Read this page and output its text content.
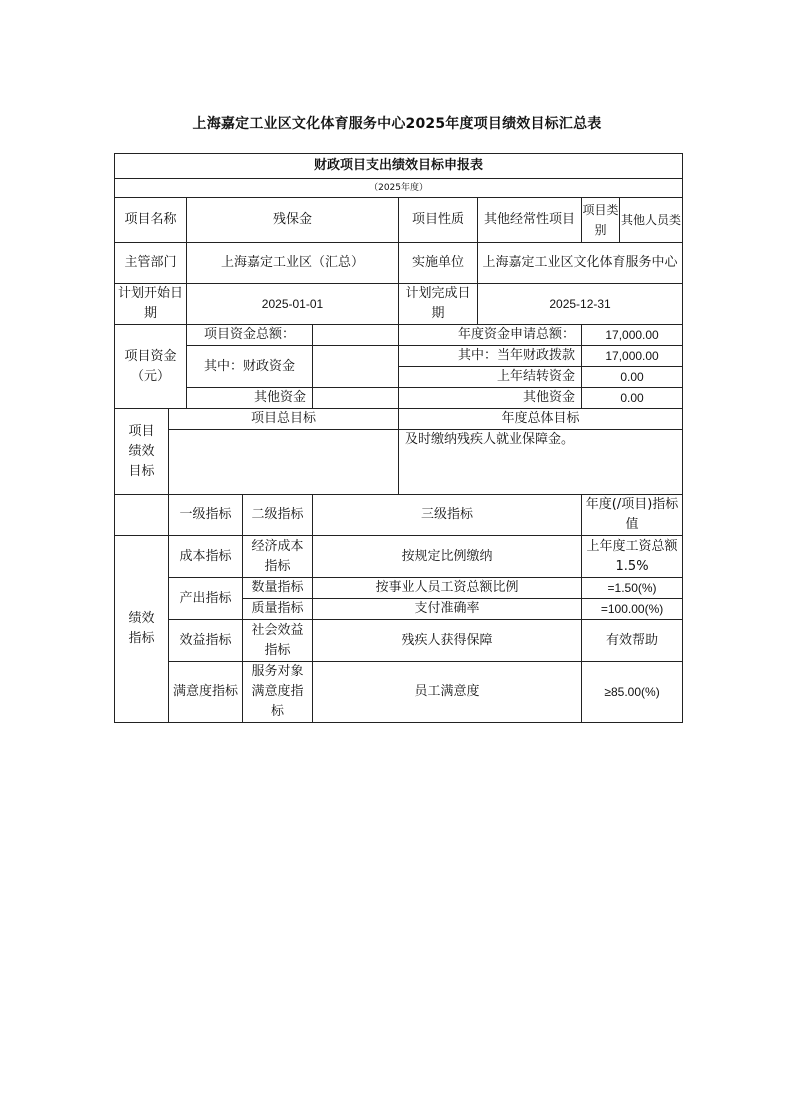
上海嘉定工业区文化体育服务中心2025年度项目绩效目标汇总表
财政项目支出绩效目标申报表								
（2025年度）								
项目名称		残保金			项目性质	其他经常性项目	项目类别	其他人员类
主管部门		上海嘉定工业区（汇总）			实施单位	上海嘉定工业区文化体育服务中心		
计划开始日期		2025-01-01			计划完成日期	2025-12-31		
项目资金（元）		项目资金总额：			年度资金申请总额：		17,000.00	
		其中：财政资金			其中：当年财政拨款		17,000.00	
					上年结转资金		0.00	
		其他资金			其他资金		0.00	
项目绩效目标	项目总目标				年度总体目标			
					及时缴纳残疾人就业保障金。			
	一级指标		二级指标	三级指标			年度(/项目)指标值	
绩效指标	成本指标		经济成本指标	按规定比例缴纳			上年度工资总额1.5%	
	产出指标		数量指标	按事业人员工资总额比例			=1.50(%)	
			质量指标	支付准确率			=100.00(%)	
	效益指标		社会效益指标	残疾人获得保障			有效帮助	
	满意度指标		服务对象满意度指标	员工满意度			≥85.00(%)	
